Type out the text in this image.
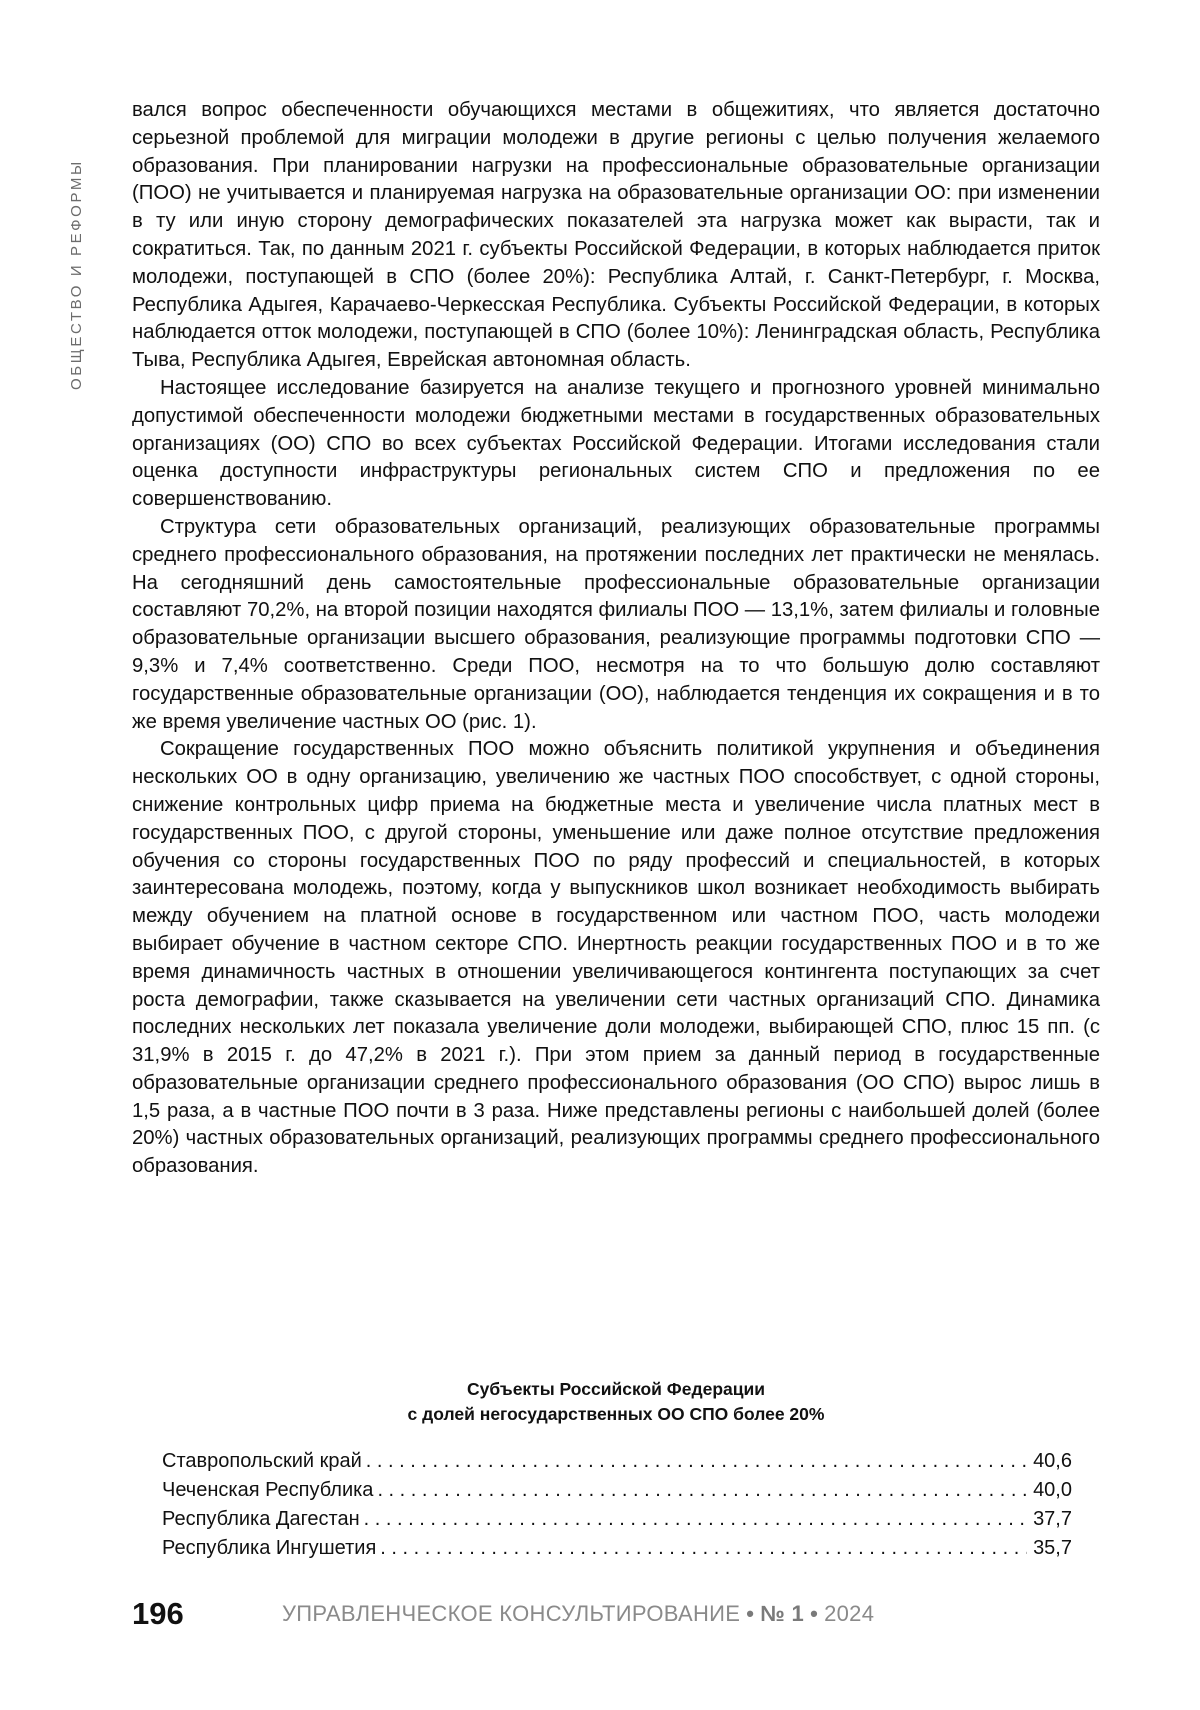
ОБЩЕСТВО И РЕФОРМЫ

вался вопрос обеспеченности обучающихся местами в общежитиях, что является достаточно серьезной проблемой для миграции молодежи в другие регионы с целью получения желаемого образования. При планировании нагрузки на профессиональные образовательные организации (ПОО) не учитывается и планируемая нагрузка на образовательные организации ОО: при изменении в ту или иную сторону демографических показателей эта нагрузка может как вырасти, так и сократиться. Так, по данным 2021 г. субъекты Российской Федерации, в которых наблюдается приток молодежи, поступающей в СПО (более 20%): Республика Алтай, г. Санкт-Петербург, г. Москва, Республика Адыгея, Карачаево-Черкесская Республика. Субъекты Российской Федерации, в которых наблюдается отток молодежи, поступающей в СПО (более 10%): Ленинградская область, Республика Тыва, Республика Адыгея, Еврейская автономная область.

Настоящее исследование базируется на анализе текущего и прогнозного уровней минимально допустимой обеспеченности молодежи бюджетными местами в государственных образовательных организациях (ОО) СПО во всех субъектах Российской Федерации. Итогами исследования стали оценка доступности инфраструктуры региональных систем СПО и предложения по ее совершенствованию.

Структура сети образовательных организаций, реализующих образовательные программы среднего профессионального образования, на протяжении последних лет практически не менялась. На сегодняшний день самостоятельные профессиональные образовательные организации составляют 70,2%, на второй позиции находятся филиалы ПОО — 13,1%, затем филиалы и головные образовательные организации высшего образования, реализующие программы подготовки СПО — 9,3% и 7,4% соответственно. Среди ПОО, несмотря на то что большую долю составляют государственные образовательные организации (ОО), наблюдается тенденция их сокращения и в то же время увеличение частных ОО (рис. 1).

Сокращение государственных ПОО можно объяснить политикой укрупнения и объединения нескольких ОО в одну организацию, увеличению же частных ПОО способствует, с одной стороны, снижение контрольных цифр приема на бюджетные места и увеличение числа платных мест в государственных ПОО, с другой стороны, уменьшение или даже полное отсутствие предложения обучения со стороны государственных ПОО по ряду профессий и специальностей, в которых заинтересована молодежь, поэтому, когда у выпускников школ возникает необходимость выбирать между обучением на платной основе в государственном или частном ПОО, часть молодежи выбирает обучение в частном секторе СПО. Инертность реакции государственных ПОО и в то же время динамичность частных в отношении увеличивающегося контингента поступающих за счет роста демографии, также сказывается на увеличении сети частных организаций СПО. Динамика последних нескольких лет показала увеличение доли молодежи, выбирающей СПО, плюс 15 пп. (с 31,9% в 2015 г. до 47,2% в 2021 г.). При этом прием за данный период в государственные образовательные организации среднего профессионального образования (ОО СПО) вырос лишь в 1,5 раза, а в частные ПОО почти в 3 раза. Ниже представлены регионы с наибольшей долей (более 20%) частных образовательных организаций, реализующих программы среднего профессионального образования.

Субъекты Российской Федерации
с долей негосударственных ОО СПО более 20%
Ставропольский край . . .	40,6
Чеченская Республика . . .	40,0
Республика Дагестан . . .	37,7
Республика Ингушетия . . .	35,7
196	УПРАВЛЕНЧЕСКОЕ КОНСУЛЬТИРОВАНИЕ • № 1 • 2024
